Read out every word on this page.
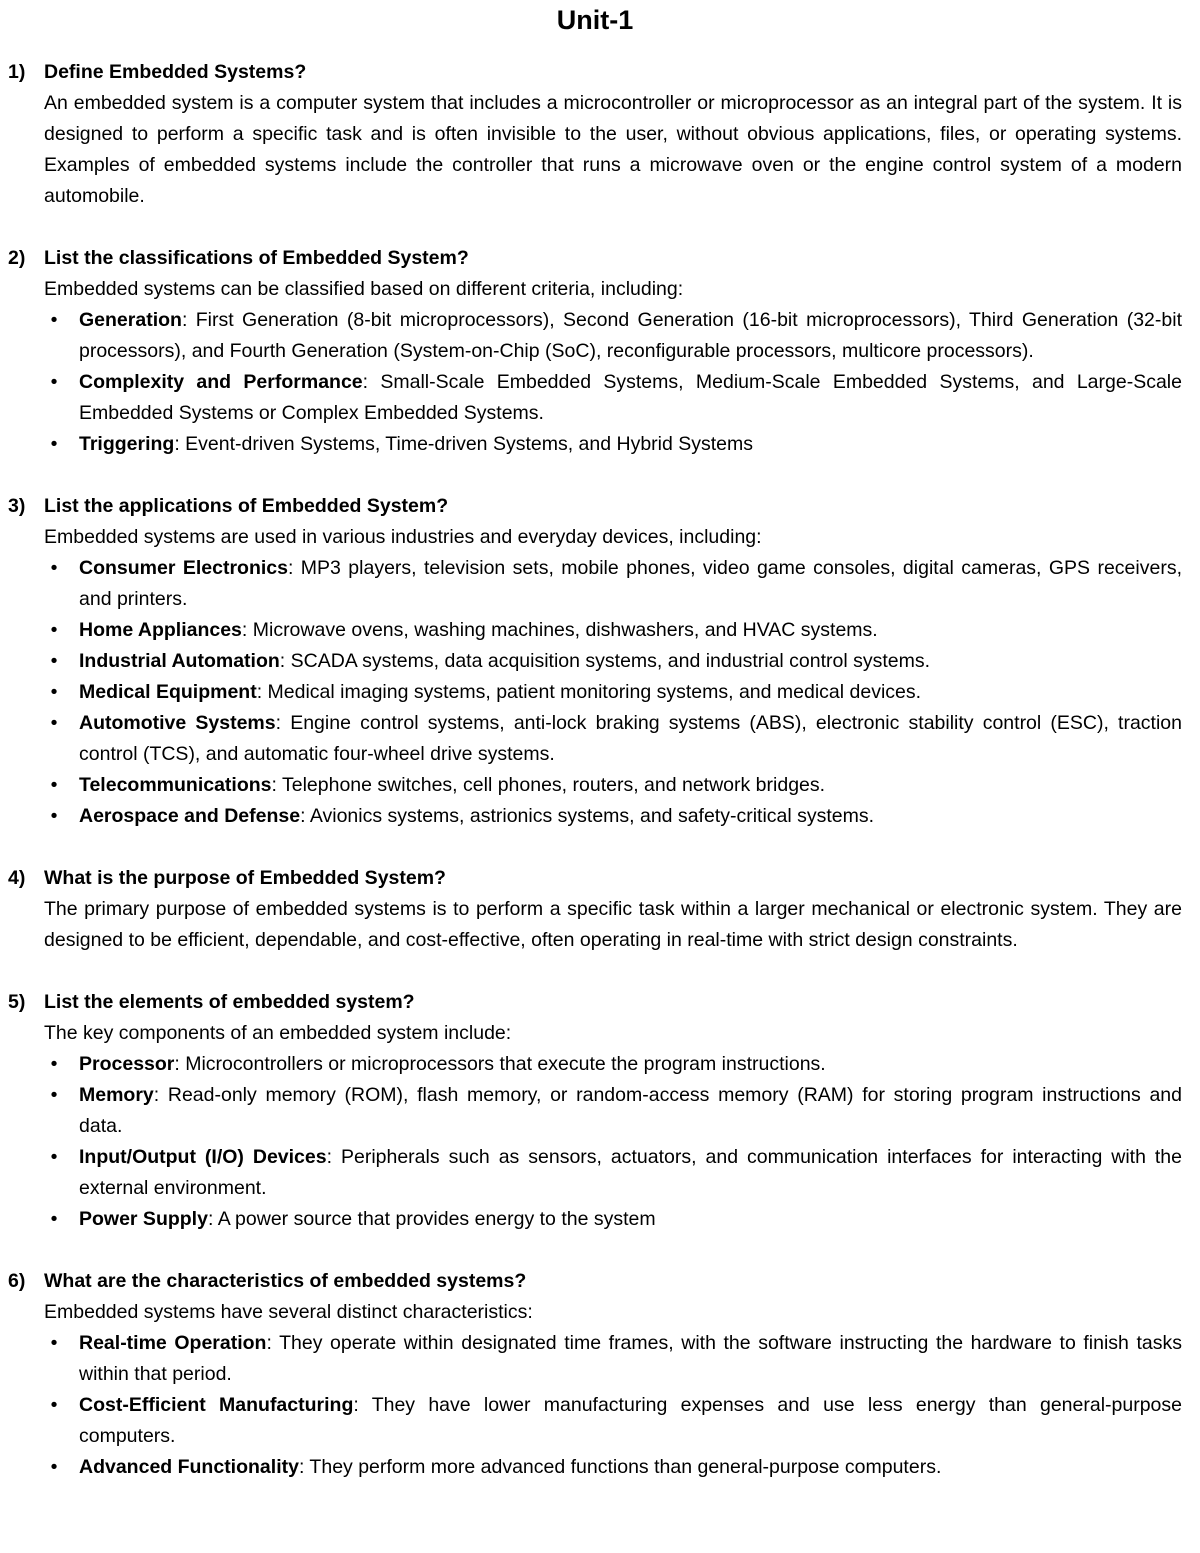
Unit-1
1) Define Embedded Systems?

An embedded system is a computer system that includes a microcontroller or microprocessor as an integral part of the system. It is designed to perform a specific task and is often invisible to the user, without obvious applications, files, or operating systems. Examples of embedded systems include the controller that runs a microwave oven or the engine control system of a modern automobile.

2) List the classifications of Embedded System?

Embedded systems can be classified based on different criteria, including:

•	Generation: First Generation (8-bit microprocessors), Second Generation (16-bit microprocessors), Third Generation (32-bit processors), and Fourth Generation (System-on-Chip (SoC), reconfigurable processors, multicore processors).
•	Complexity and Performance: Small-Scale Embedded Systems, Medium-Scale Embedded Systems, and Large-Scale Embedded Systems or Complex Embedded Systems.
•	Triggering: Event-driven Systems, Time-driven Systems, and Hybrid Systems
3) List the applications of Embedded System?

Embedded systems are used in various industries and everyday devices, including:

•	Consumer Electronics: MP3 players, television sets, mobile phones, video game consoles, digital cameras, GPS receivers, and printers.
•	Home Appliances: Microwave ovens, washing machines, dishwashers, and HVAC systems.
•	Industrial Automation: SCADA systems, data acquisition systems, and industrial control systems.
•	Medical Equipment: Medical imaging systems, patient monitoring systems, and medical devices.
•	Automotive Systems: Engine control systems, anti-lock braking systems (ABS), electronic stability control (ESC), traction control (TCS), and automatic four-wheel drive systems.
•	Telecommunications: Telephone switches, cell phones, routers, and network bridges.
•	Aerospace and Defense: Avionics systems, astrionics systems, and safety-critical systems.
4) What is the purpose of Embedded System?

The primary purpose of embedded systems is to perform a specific task within a larger mechanical or electronic system. They are designed to be efficient, dependable, and cost-effective, often operating in real-time with strict design constraints.

5) List the elements of embedded system?

The key components of an embedded system include:

•	Processor: Microcontrollers or microprocessors that execute the program instructions.
•	Memory: Read-only memory (ROM), flash memory, or random-access memory (RAM) for storing program instructions and data.
•	Input/Output (I/O) Devices: Peripherals such as sensors, actuators, and communication interfaces for interacting with the external environment.
•	Power Supply: A power source that provides energy to the system
6) What are the characteristics of embedded systems?

Embedded systems have several distinct characteristics:

•	Real-time Operation: They operate within designated time frames, with the software instructing the hardware to finish tasks within that period.
•	Cost-Efficient Manufacturing: They have lower manufacturing expenses and use less energy than general-purpose computers.
•	Advanced Functionality: They perform more advanced functions than general-purpose computers.
